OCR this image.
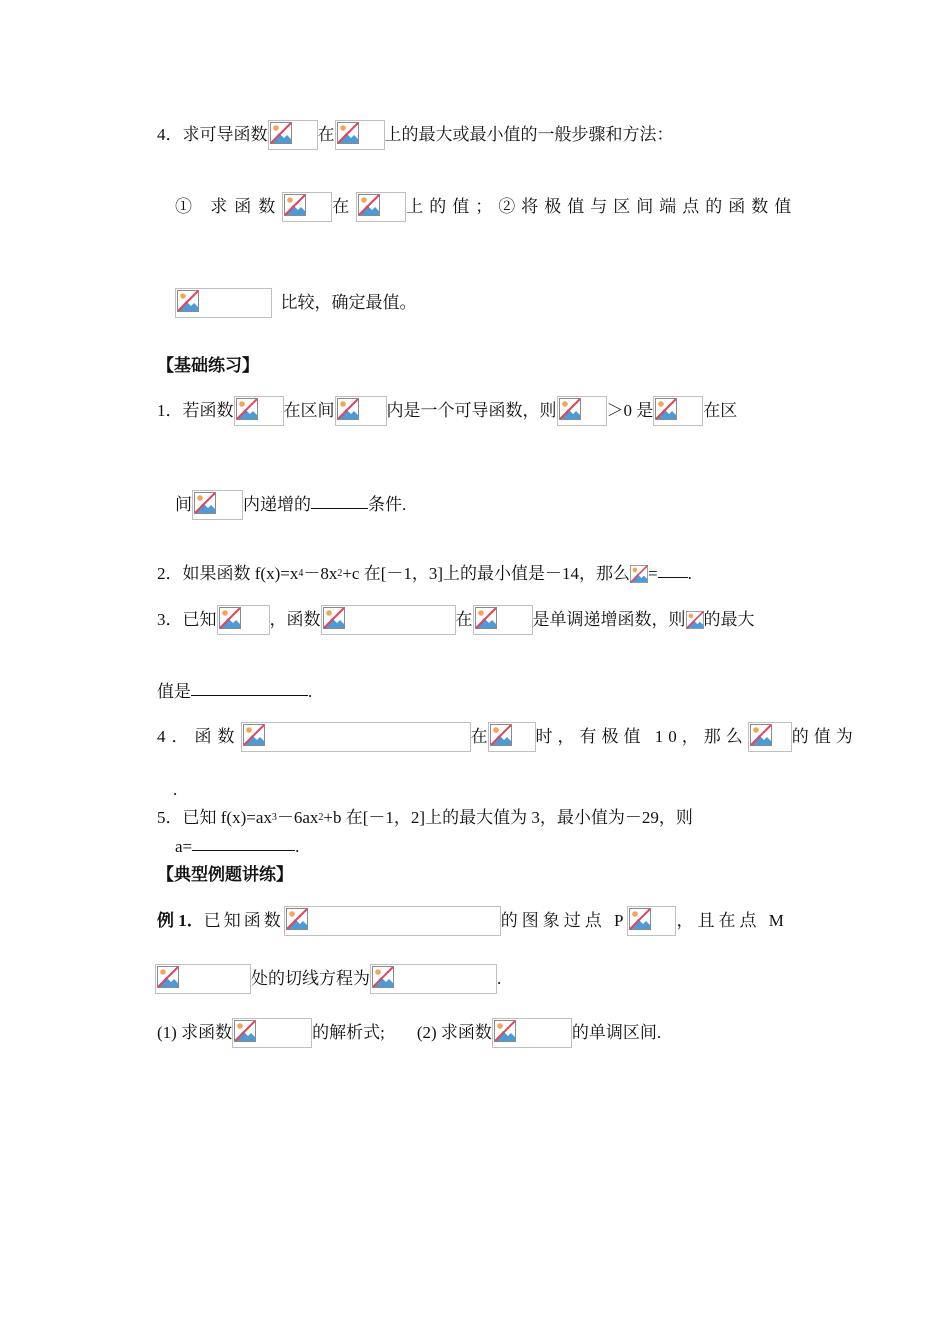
4．求可导函数	在	上的最大或最小值的一般步骤和方法：
① 求函数	在	上的值；②将极值与区间端点的函数值
比较，确定最值。
【基础练习】
1．若函数	在区间	内是一个可导函数，则	＞0 是	在区
间	内递增的	条件.
2．如果函数 f(x)=x4－8x2+c 在[－1，3]上的最小值是－14，那么 = .
3．已知	，函数	在	是单调递增函数，则 的最大
值是	.
4．函数	在	时，有极值 10，那么	的值为
.
5．已知 f(x)=ax3－6ax2+b 在[－1，2]上的最大值为 3，最小值为－29，则
a=	.
【典型例题讲练】
例 1．已知函数	的图象过点 P	，且在点 M
处的切线方程为	.
(1) 求函数	的解析式; (2) 求函数	的单调区间.
